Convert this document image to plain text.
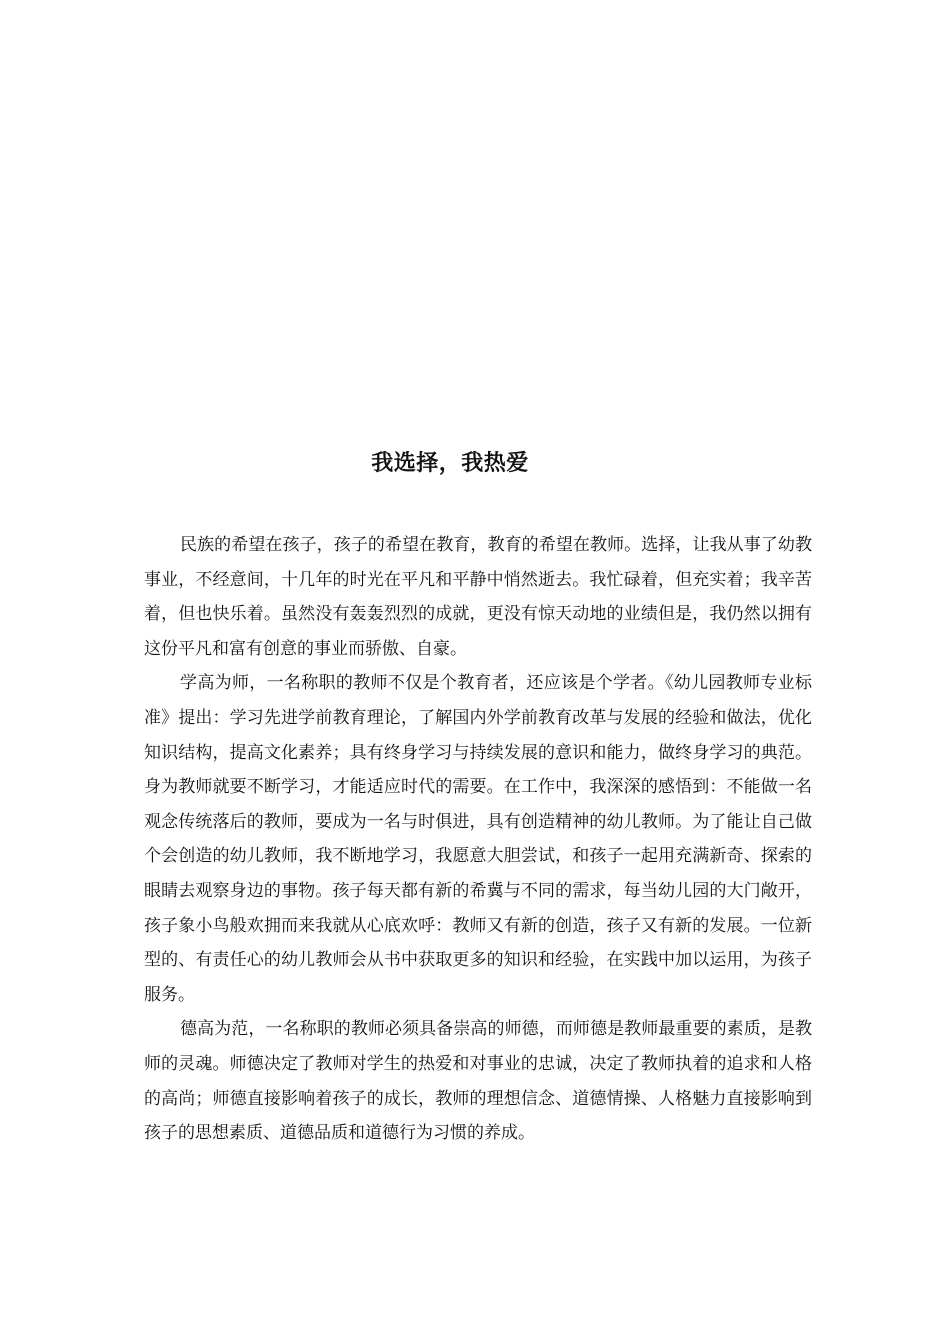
我选择，我热爱

民族的希望在孩子，孩子的希望在教育，教育的希望在教师。选择，让我从事了幼教事业，不经意间，十几年的时光在平凡和平静中悄然逝去。我忙碌着，但充实着；我辛苦着，但也快乐着。虽然没有轰轰烈烈的成就，更没有惊天动地的业绩但是，我仍然以拥有这份平凡和富有创意的事业而骄傲、自豪。

学高为师，一名称职的教师不仅是个教育者，还应该是个学者。《幼儿园教师专业标准》提出：学习先进学前教育理论，了解国内外学前教育改革与发展的经验和做法，优化知识结构，提高文化素养；具有终身学习与持续发展的意识和能力，做终身学习的典范。身为教师就要不断学习，才能适应时代的需要。在工作中，我深深的感悟到：不能做一名观念传统落后的教师，要成为一名与时俱进，具有创造精神的幼儿教师。为了能让自己做个会创造的幼儿教师，我不断地学习，我愿意大胆尝试，和孩子一起用充满新奇、探索的眼睛去观察身边的事物。孩子每天都有新的希冀与不同的需求，每当幼儿园的大门敞开，孩子象小鸟般欢拥而来我就从心底欢呼：教师又有新的创造，孩子又有新的发展。一位新型的、有责任心的幼儿教师会从书中获取更多的知识和经验，在实践中加以运用，为孩子服务。

德高为范，一名称职的教师必须具备崇高的师德，而师德是教师最重要的素质，是教师的灵魂。师德决定了教师对学生的热爱和对事业的忠诚，决定了教师执着的追求和人格的高尚；师德直接影响着孩子的成长，教师的理想信念、道德情操、人格魅力直接影响到孩子的思想素质、道德品质和道德行为习惯的养成。
